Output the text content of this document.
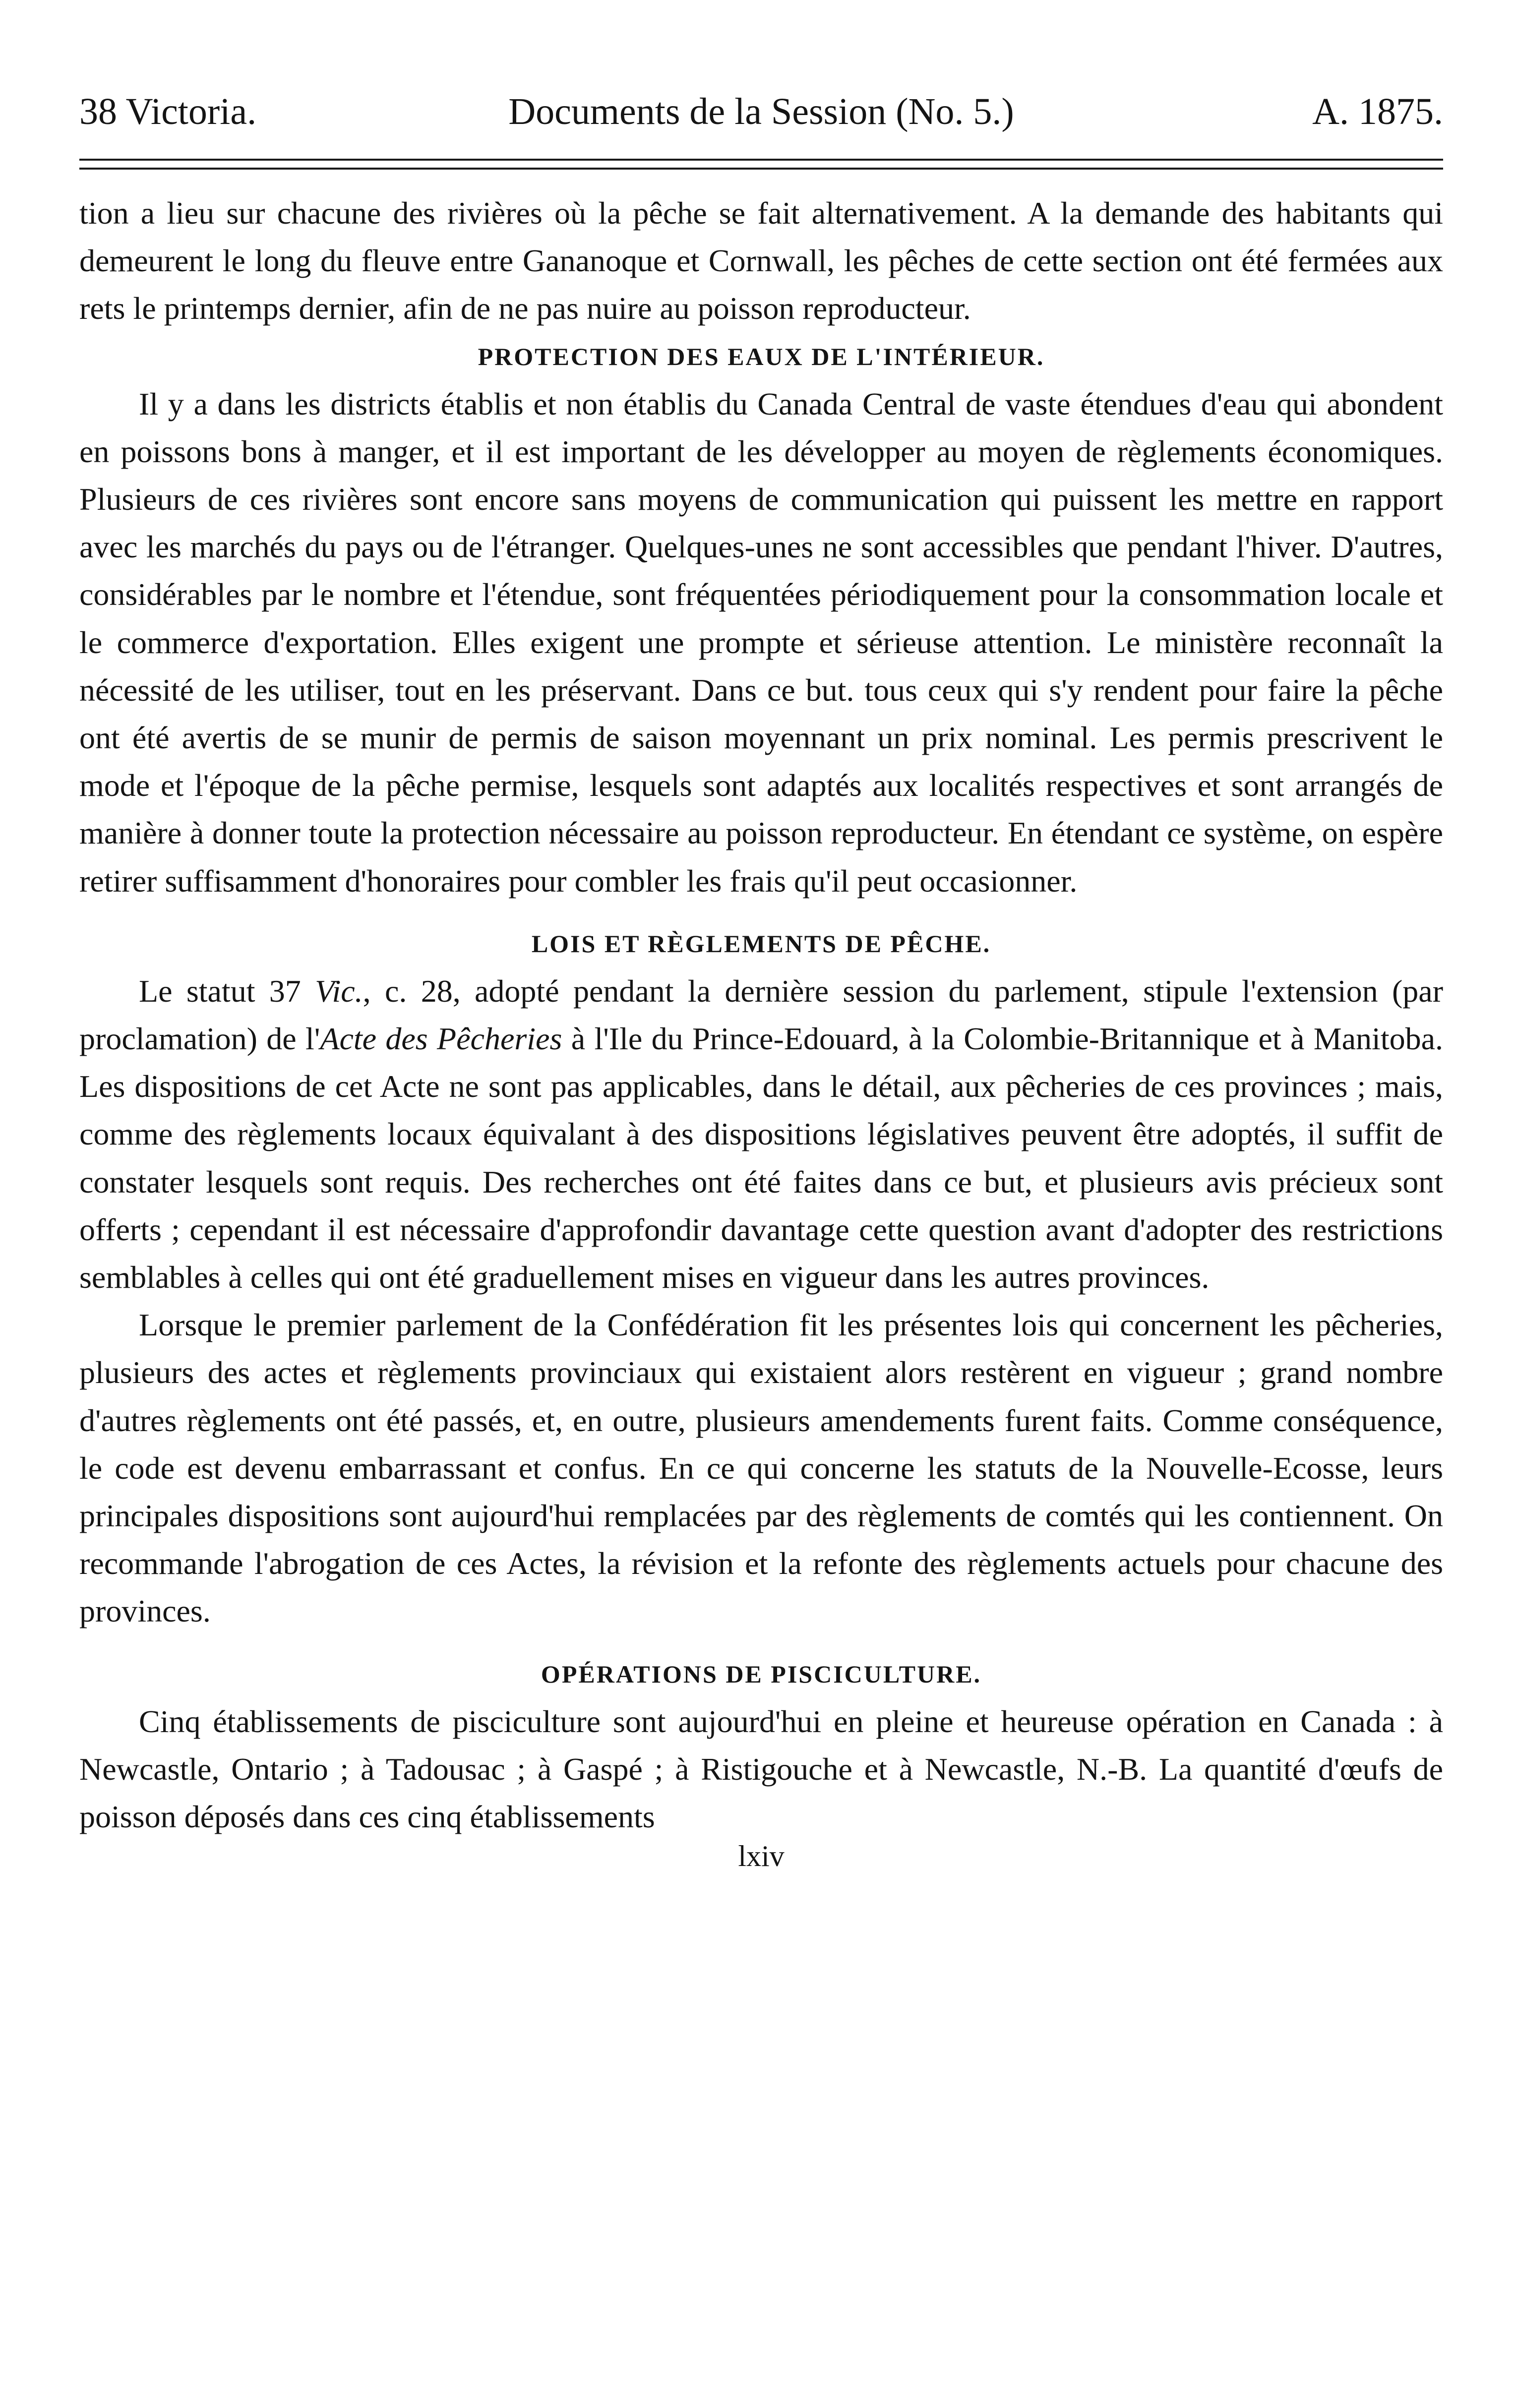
38 Victoria.	Documents de la Session (No. 5.)	A. 1875.

tion a lieu sur chacune des rivières où la pêche se fait alternativement. A la demande des habitants qui demeurent le long du fleuve entre Gananoque et Cornwall, les pêches de cette section ont été fermées aux rets le printemps dernier, afin de ne pas nuire au poisson reproducteur.

PROTECTION DES EAUX DE L'INTÉRIEUR.

Il y a dans les districts établis et non établis du Canada Central de vaste étendues d'eau qui abondent en poissons bons à manger, et il est important de les développer au moyen de règlements économiques. Plusieurs de ces rivières sont encore sans moyens de communication qui puissent les mettre en rapport avec les marchés du pays ou de l'étranger. Quelques-unes ne sont accessibles que pendant l'hiver. D'autres, considérables par le nombre et l'étendue, sont fréquentées périodiquement pour la consommation locale et le commerce d'exportation. Elles exigent une prompte et sérieuse attention. Le ministère reconnaît la nécessité de les utiliser, tout en les préservant. Dans ce but. tous ceux qui s'y rendent pour faire la pêche ont été avertis de se munir de permis de saison moyennant un prix nominal. Les permis prescrivent le mode et l'époque de la pêche permise, lesquels sont adaptés aux localités respectives et sont arrangés de manière à donner toute la protection nécessaire au poisson reproducteur. En étendant ce système, on espère retirer suffisamment d'honoraires pour combler les frais qu'il peut occasionner.

LOIS ET RÈGLEMENTS DE PÊCHE.

Le statut 37 Vic., c. 28, adopté pendant la dernière session du parlement, stipule l'extension (par proclamation) de l'Acte des Pêcheries à l'Ile du Prince-Edouard, à la Colombie-Britannique et à Manitoba. Les dispositions de cet Acte ne sont pas applicables, dans le détail, aux pêcheries de ces provinces ; mais, comme des règlements locaux équivalant à des dispositions législatives peuvent être adoptés, il suffit de constater lesquels sont requis. Des recherches ont été faites dans ce but, et plusieurs avis précieux sont offerts ; cependant il est nécessaire d'approfondir davantage cette question avant d'adopter des restrictions semblables à celles qui ont été graduellement mises en vigueur dans les autres provinces.

Lorsque le premier parlement de la Confédération fit les présentes lois qui concernent les pêcheries, plusieurs des actes et règlements provinciaux qui existaient alors restèrent en vigueur ; grand nombre d'autres règlements ont été passés, et, en outre, plusieurs amendements furent faits. Comme conséquence, le code est devenu embarrassant et confus. En ce qui concerne les statuts de la Nouvelle-Ecosse, leurs principales dispositions sont aujourd'hui remplacées par des règlements de comtés qui les contiennent. On recommande l'abrogation de ces Actes, la révision et la refonte des règlements actuels pour chacune des provinces.

OPÉRATIONS DE PISCICULTURE.

Cinq établissements de pisciculture sont aujourd'hui en pleine et heureuse opération en Canada : à Newcastle, Ontario ; à Tadousac ; à Gaspé ; à Ristigouche et à Newcastle, N.-B. La quantité d'œufs de poisson déposés dans ces cinq établissements

lxiv
